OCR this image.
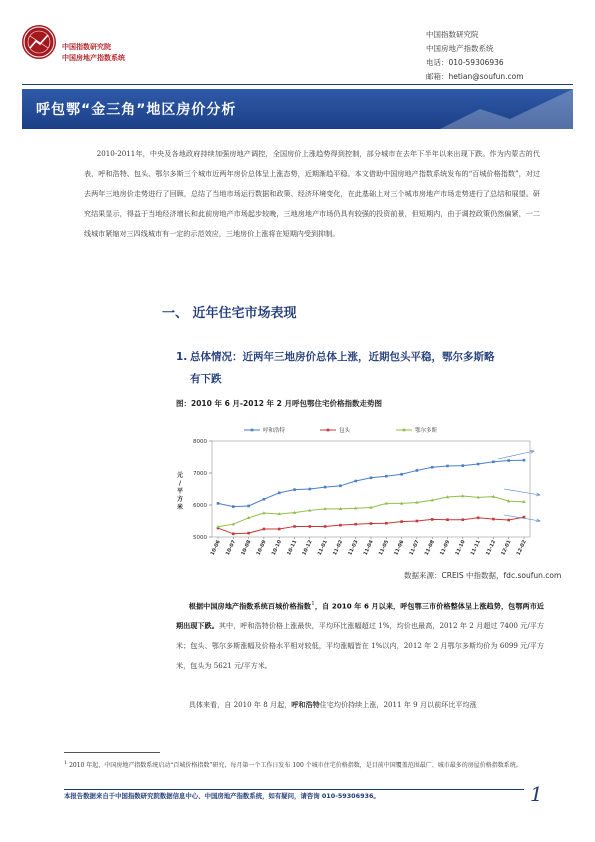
中国指数研究院
中国房地产指数系统
中国指数研究院
中国房地产指数系统
电话：010-59306936
邮箱：hetian@soufun.com
呼包鄂“金三角”地区房价分析

2010-2011年，中央及各地政府持续加强房地产调控，全国房价上涨趋势得到控制，部分城市在去年下半年以来出现下跌。作为内蒙古的代表，呼和浩特、包头、鄂尔多斯三个城市近两年房价总体呈上涨态势，近期渐趋平稳。本文借助中国房地产指数系统发布的“百城价格指数”，对过去两年三地房价走势进行了回顾，总结了当地市场运行数据和政策、经济环境变化，在此基础上对三个城市房地产市场走势进行了总结和展望。研究结果显示，得益于当地经济增长和此前房地产市场起步较晚，三地房地产市场仍具有较强的投资前景，但短期内，由于调控政策仍然偏紧，一二线城市紧缩对三四线城市有一定的示范效应，三地房价上涨将在短期内受到抑制。

一、 近年住宅市场表现
1. 总体情况：近两年三地房价总体上涨，近期包头平稳，鄂尔多斯略
有下跌
图：2010 年 6 月-2012 年 2 月呼包鄂住宅价格指数走势图
8000
7000
6000
5000
元
/
平
方
米
10-06 10-07 10-08 10-09 10-10 10-11 10-12 11-01 11-02 11-03 11-04 11-05 11-06 11-07 11-08 11-09 11-10 11-11 11-12 12-01 12-02
呼和浩特	包头	鄂尔多斯
数据来源：CREIS 中指数据，fdc.soufun.com

根据中国房地产指数系统百城价格指数$^1$，自 2010 年 6 月以来，呼包鄂三市价格整体呈上涨趋势，包鄂两市近期出现下跌。其中，呼和浩特价格上涨最快，平均环比涨幅超过 1%，均价也最高，2012 年 2 月超过 7400 元/平方米；包头、鄂尔多斯涨幅及价格水平相对较低，平均涨幅皆在 1%以内，2012 年 2 月鄂尔多斯均价为 6099 元/平方米，包头为 5621 元/平方米。

具体来看，自 2010 年 8 月起，呼和浩特住宅均价持续上涨，2011 年 9 月以前环比平均涨

$^1$ 2010 年起，中国房地产指数系统启动“百城价格指数”研究，每月第一个工作日发布 100 个城市住宅价格指数，是目前中国覆盖范围最广、城市最多的房屋价格指数系统。
本报告数据来自于中国指数研究院数据信息中心、中国房地产指数系统，如有疑问，请咨询 010-59306936。	1
